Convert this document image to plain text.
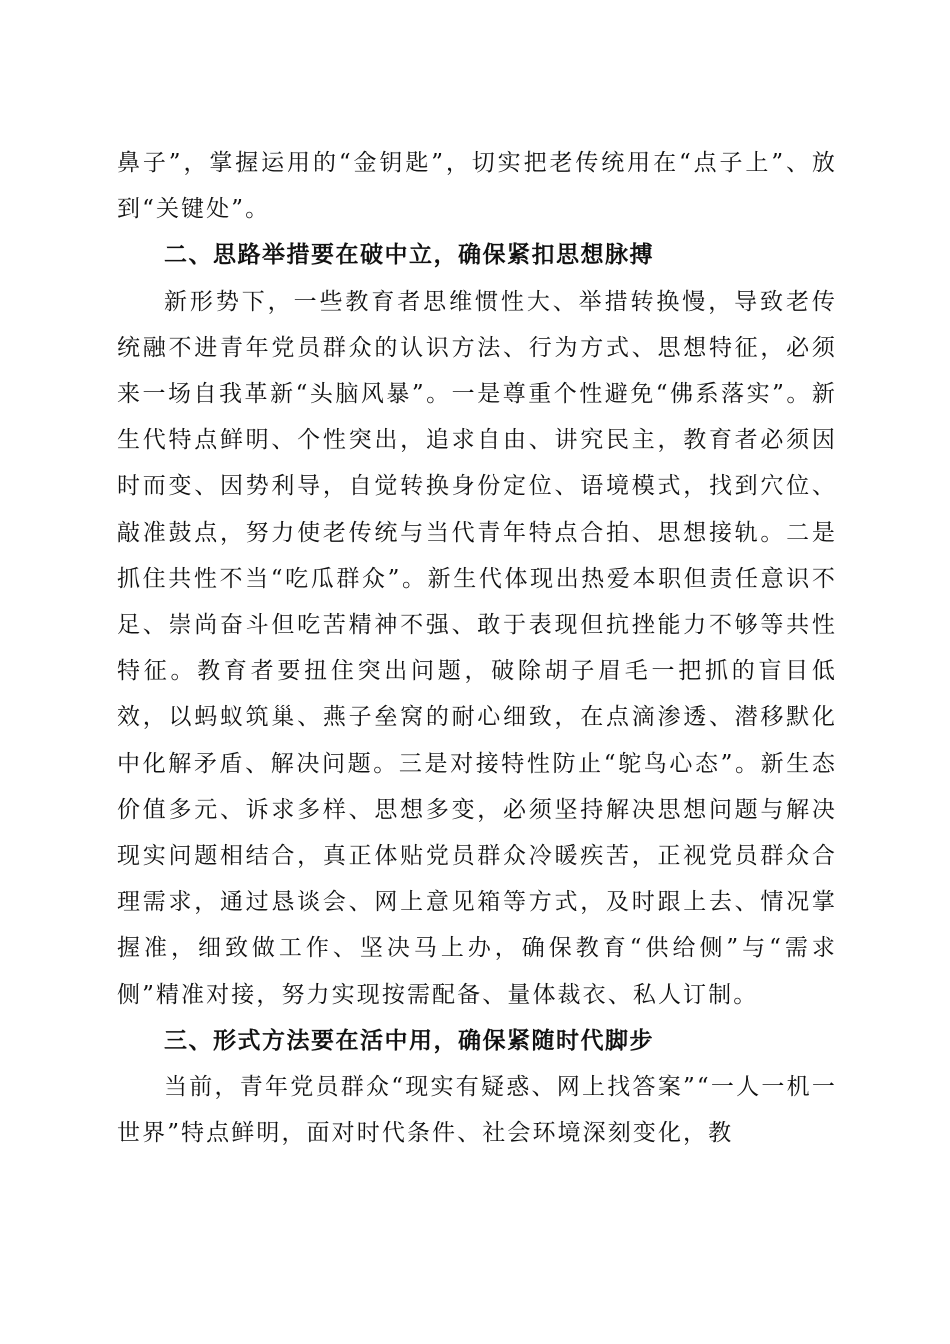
鼻子”，掌握运用的“金钥匙”，切实把老传统用在“点子上”、放到“关键处”。

二、思路举措要在破中立，确保紧扣思想脉搏

新形势下，一些教育者思维惯性大、举措转换慢，导致老传统融不进青年党员群众的认识方法、行为方式、思想特征，必须来一场自我革新“头脑风暴”。一是尊重个性避免“佛系落实”。新生代特点鲜明、个性突出，追求自由、讲究民主，教育者必须因时而变、因势利导，自觉转换身份定位、语境模式，找到穴位、敲准鼓点，努力使老传统与当代青年特点合拍、思想接轨。二是抓住共性不当“吃瓜群众”。新生代体现出热爱本职但责任意识不足、崇尚奋斗但吃苦精神不强、敢于表现但抗挫能力不够等共性特征。教育者要扭住突出问题，破除胡子眉毛一把抓的盲目低效，以蚂蚁筑巢、燕子垒窝的耐心细致，在点滴渗透、潜移默化中化解矛盾、解决问题。三是对接特性防止“鸵鸟心态”。新生态价值多元、诉求多样、思想多变，必须坚持解决思想问题与解决现实问题相结合，真正体贴党员群众冷暖疾苦，正视党员群众合理需求，通过恳谈会、网上意见箱等方式，及时跟上去、情况掌握准，细致做工作、坚决马上办，确保教育“供给侧”与“需求侧”精准对接，努力实现按需配备、量体裁衣、私人订制。

三、形式方法要在活中用，确保紧随时代脚步

当前，青年党员群众“现实有疑惑、网上找答案”“一人一机一世界”特点鲜明，面对时代条件、社会环境深刻变化，教
